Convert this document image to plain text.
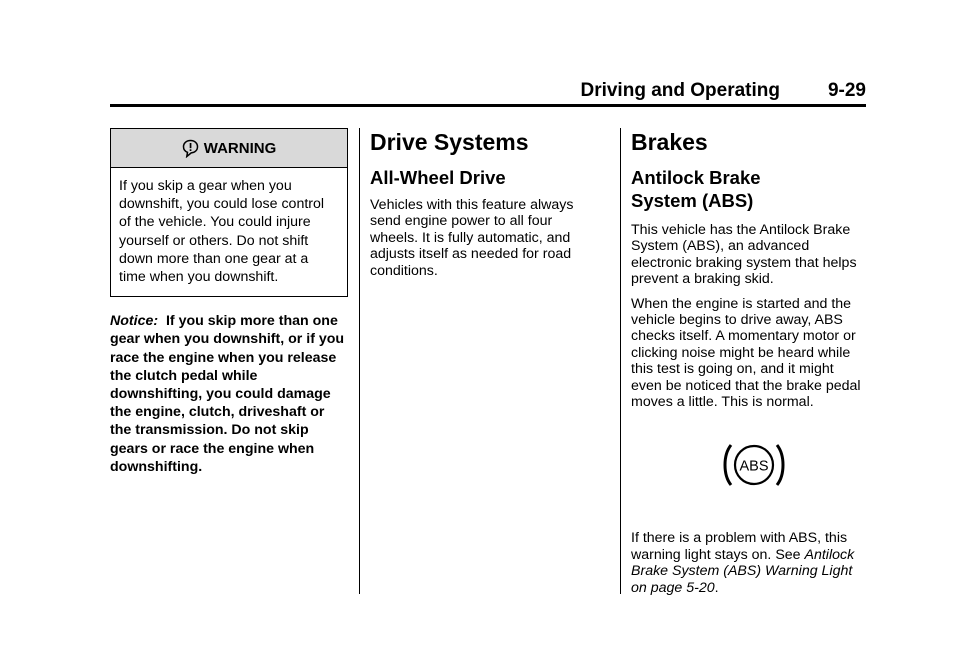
Driving and Operating	9-29
WARNING
If you skip a gear when you downshift, you could lose control of the vehicle. You could injure yourself or others. Do not shift down more than one gear at a time when you downshift.
Notice: If you skip more than one gear when you downshift, or if you race the engine when you release the clutch pedal while downshifting, you could damage the engine, clutch, driveshaft or the transmission. Do not skip gears or race the engine when downshifting.
Drive Systems
All-Wheel Drive

Vehicles with this feature always send engine power to all four wheels. It is fully automatic, and adjusts itself as needed for road conditions.

Brakes
Antilock Brake
System (ABS)

This vehicle has the Antilock Brake System (ABS), an advanced electronic braking system that helps prevent a braking skid.

When the engine is started and the vehicle begins to drive away, ABS checks itself. A momentary motor or clicking noise might be heard while this test is going on, and it might even be noticed that the brake pedal moves a little. This is normal.

ABS

If there is a problem with ABS, this warning light stays on. See Antilock Brake System (ABS) Warning Light on page 5-20.
